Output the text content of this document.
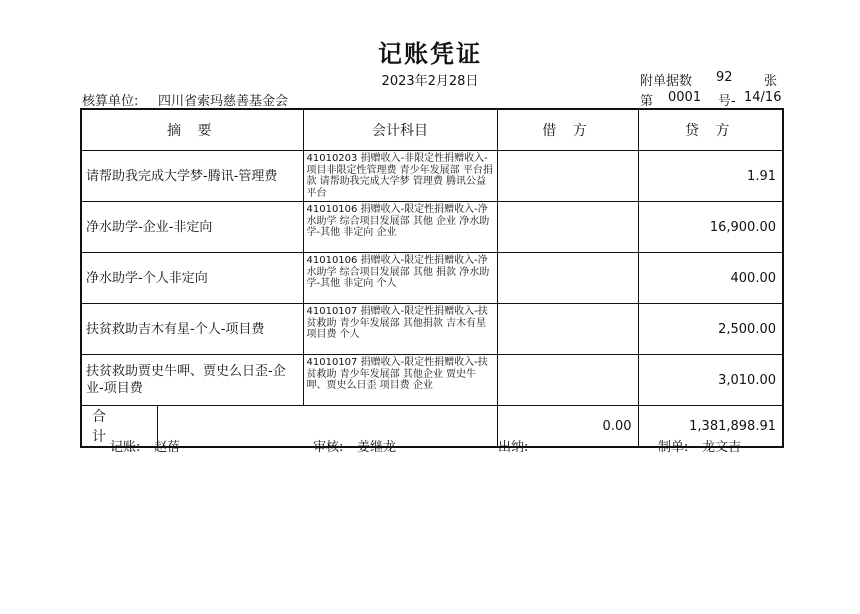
记账凭证
2023年2月28日	附单据数 92 张
核算单位: 四川省索玛慈善基金会	第 0001 号- 14/16
摘 要	会计科目	借 方	贷 方
请帮助我完成大学梦-腾讯-管理费	41010203 捐赠收入-非限定性捐赠收入-项目非限定性管理费 青少年发展部 平台捐款 请帮助我完成大学梦 管理费 腾讯公益平台		1.91
净水助学-企业-非定向	41010106 捐赠收入-限定性捐赠收入-净水助学 综合项目发展部 其他 企业 净水助学-其他 非定向 企业		16,900.00
净水助学-个人非定向	41010106 捐赠收入-限定性捐赠收入-净水助学 综合项目发展部 其他 捐款 净水助学-其他 非定向 个人		400.00
扶贫救助吉木有星-个人-项目费	41010107 捐赠收入-限定性捐赠收入-扶贫救助 青少年发展部 其他捐款 吉木有星 项目费 个人		2,500.00
扶贫救助贾史牛呷、贾史么日歪-企业-项目费	41010107 捐赠收入-限定性捐赠收入-扶贫救助 青少年发展部 其他企业 贾史牛呷、贾史么日歪 项目费 企业		3,010.00

合 计		0.00	1,381,898.91
记账: 赵蓓	审核: 姜继龙	出纳:	制单: 龙文吉
